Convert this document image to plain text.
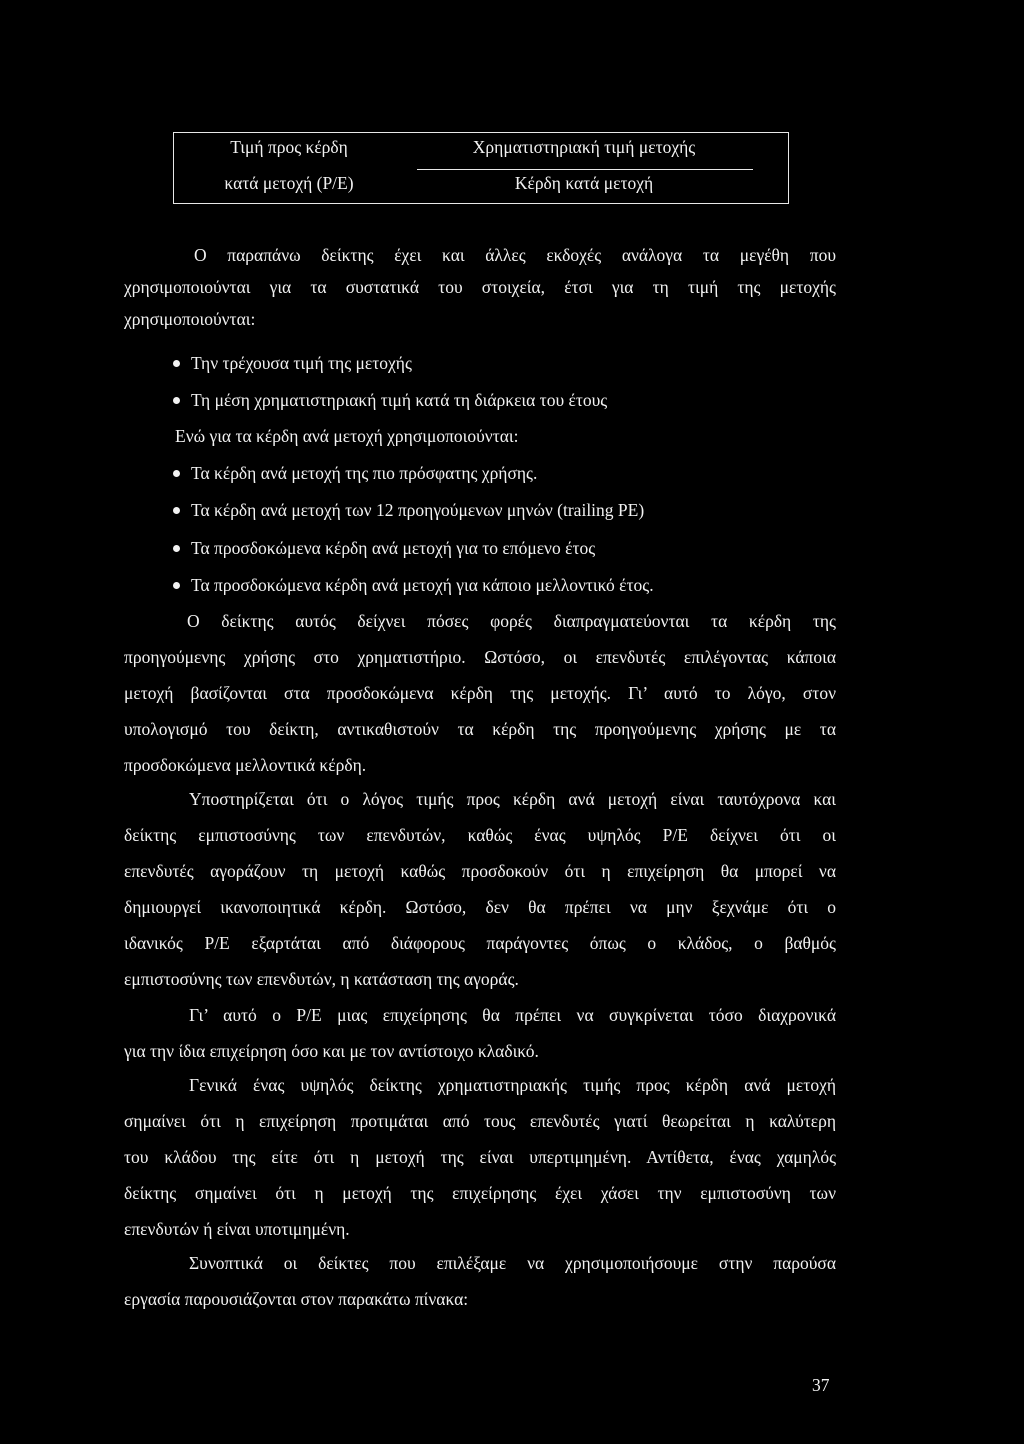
Τιμή προς κέρδη
κατά μετοχή (P/E)
Χρηματιστηριακή τιμή μετοχής
Κέρδη κατά μετοχή
Ο παραπάνω δείκτης έχει και άλλες εκδοχές ανάλογα τα μεγέθη που
χρησιμοποιούνται για τα συστατικά του στοιχεία, έτσι για τη τιμή της μετοχής
χρησιμοποιούνται:
Την τρέχουσα τιμή της μετοχής
Τη μέση χρηματιστηριακή τιμή κατά τη διάρκεια του έτους
Ενώ για τα κέρδη ανά μετοχή χρησιμοποιούνται:
Τα κέρδη ανά μετοχή της πιο πρόσφατης χρήσης.
Τα κέρδη ανά μετοχή των 12 προηγούμενων μηνών (trailing PE)
Τα προσδοκώμενα κέρδη ανά μετοχή για το επόμενο έτος
Τα προσδοκώμενα κέρδη ανά μετοχή για κάποιο μελλοντικό έτος.
Ο δείκτης αυτός δείχνει πόσες φορές διαπραγματεύονται τα κέρδη της
προηγούμενης χρήσης στο χρηματιστήριο. Ωστόσο, οι επενδυτές επιλέγοντας κάποια
μετοχή βασίζονται στα προσδοκώμενα κέρδη της μετοχής. Γι’ αυτό το λόγο, στον
υπολογισμό του δείκτη, αντικαθιστούν τα κέρδη της προηγούμενης χρήσης με τα
προσδοκώμενα μελλοντικά κέρδη.
Υποστηρίζεται ότι ο λόγος τιμής προς κέρδη ανά μετοχή είναι ταυτόχρονα και
δείκτης εμπιστοσύνης των επενδυτών, καθώς ένας υψηλός P/E δείχνει ότι οι
επενδυτές αγοράζουν τη μετοχή καθώς προσδοκούν ότι η επιχείρηση θα μπορεί να
δημιουργεί ικανοποιητικά κέρδη. Ωστόσο, δεν θα πρέπει να μην ξεχνάμε ότι ο
ιδανικός P/E εξαρτάται από διάφορους παράγοντες όπως ο κλάδος, ο βαθμός
εμπιστοσύνης των επενδυτών, η κατάσταση της αγοράς.
Γι’ αυτό ο P/E μιας επιχείρησης θα πρέπει να συγκρίνεται τόσο διαχρονικά
για την ίδια επιχείρηση όσο και με τον αντίστοιχο κλαδικό.
Γενικά ένας υψηλός δείκτης χρηματιστηριακής τιμής προς κέρδη ανά μετοχή
σημαίνει ότι η επιχείρηση προτιμάται από τους επενδυτές γιατί θεωρείται η καλύτερη
του κλάδου της είτε ότι η μετοχή της είναι υπερτιμημένη. Αντίθετα, ένας χαμηλός
δείκτης σημαίνει ότι η μετοχή της επιχείρησης έχει χάσει την εμπιστοσύνη των
επενδυτών ή είναι υποτιμημένη.
Συνοπτικά οι δείκτες που επιλέξαμε να χρησιμοποιήσουμε στην παρούσα
εργασία παρουσιάζονται στον παρακάτω πίνακα:
37
